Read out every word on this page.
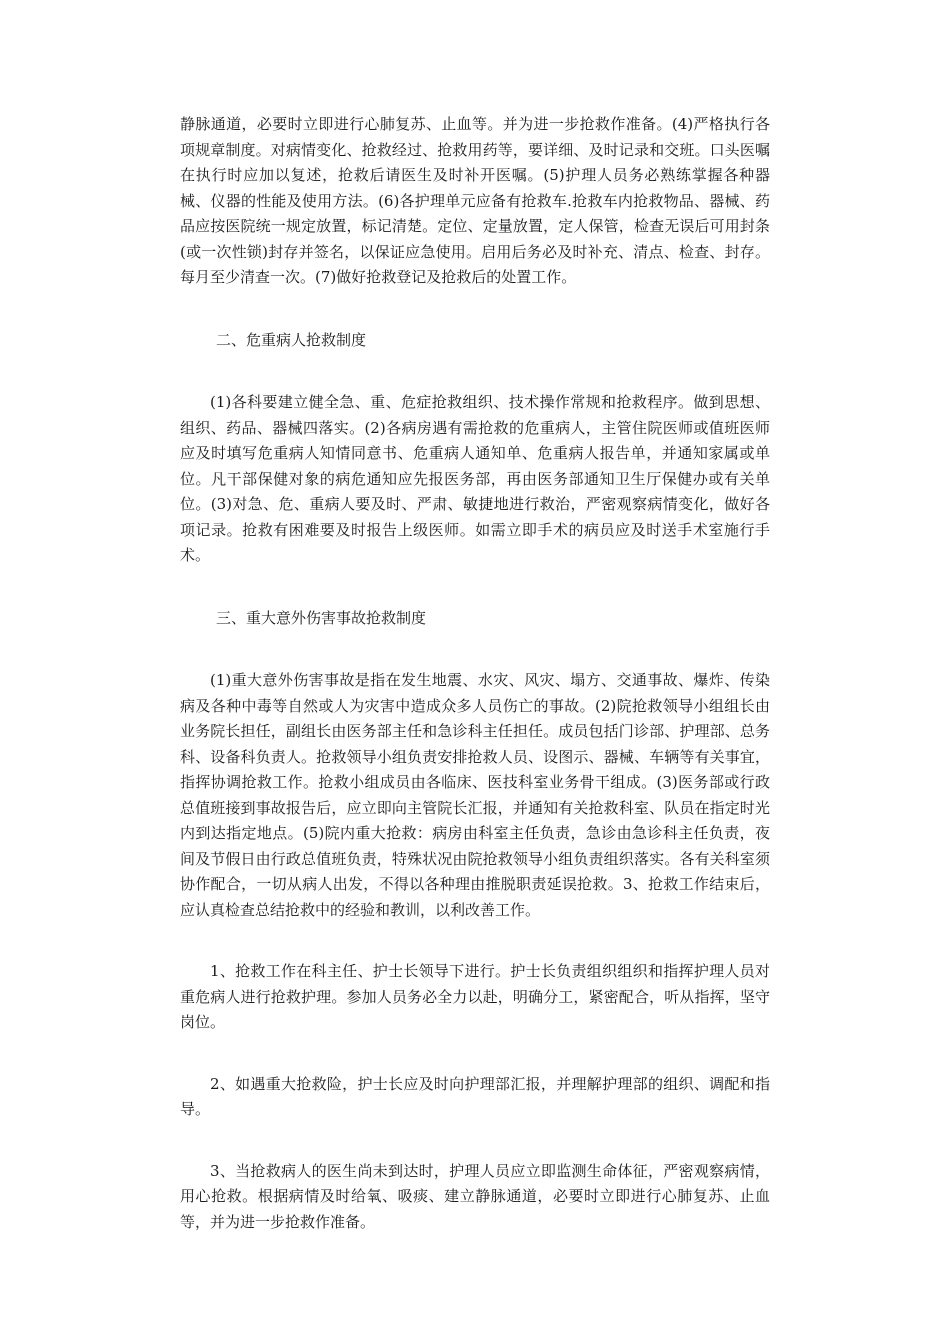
静脉通道，必要时立即进行心肺复苏、止血等。并为进一步抢救作准备。(4)严格执行各项规章制度。对病情变化、抢救经过、抢救用药等，要详细、及时记录和交班。口头医嘱在执行时应加以复述，抢救后请医生及时补开医嘱。(5)护理人员务必熟练掌握各种器械、仪器的性能及使用方法。(6)各护理单元应备有抢救车.抢救车内抢救物品、器械、药品应按医院统一规定放置，标记清楚。定位、定量放置，定人保管，检查无误后可用封条(或一次性锁)封存并签名，以保证应急使用。启用后务必及时补充、清点、检查、封存。每月至少清查一次。(7)做好抢救登记及抢救后的处置工作。

二、危重病人抢救制度

(1)各科要建立健全急、重、危症抢救组织、技术操作常规和抢救程序。做到思想、组织、药品、器械四落实。(2)各病房遇有需抢救的危重病人，主管住院医师或值班医师应及时填写危重病人知情同意书、危重病人通知单、危重病人报告单，并通知家属或单位。凡干部保健对象的病危通知应先报医务部，再由医务部通知卫生厅保健办或有关单位。(3)对急、危、重病人要及时、严肃、敏捷地进行救治，严密观察病情变化，做好各项记录。抢救有困难要及时报告上级医师。如需立即手术的病员应及时送手术室施行手术。

三、重大意外伤害事故抢救制度

(1)重大意外伤害事故是指在发生地震、水灾、风灾、塌方、交通事故、爆炸、传染病及各种中毒等自然或人为灾害中造成众多人员伤亡的事故。(2)院抢救领导小组组长由业务院长担任，副组长由医务部主任和急诊科主任担任。成员包括门诊部、护理部、总务科、设备科负责人。抢救领导小组负责安排抢救人员、设图示、器械、车辆等有关事宜，指挥协调抢救工作。抢救小组成员由各临床、医技科室业务骨干组成。(3)医务部或行政总值班接到事故报告后，应立即向主管院长汇报，并通知有关抢救科室、队员在指定时光内到达指定地点。(5)院内重大抢救：病房由科室主任负责，急诊由急诊科主任负责，夜间及节假日由行政总值班负责，特殊状况由院抢救领导小组负责组织落实。各有关科室须协作配合，一切从病人出发，不得以各种理由推脱职责延误抢救。3、抢救工作结束后，应认真检查总结抢救中的经验和教训，以利改善工作。

1、抢救工作在科主任、护士长领导下进行。护士长负责组织组织和指挥护理人员对重危病人进行抢救护理。参加人员务必全力以赴，明确分工，紧密配合，听从指挥，坚守岗位。

2、如遇重大抢救险，护士长应及时向护理部汇报，并理解护理部的组织、调配和指导。

3、当抢救病人的医生尚未到达时，护理人员应立即监测生命体征，严密观察病情，用心抢救。根据病情及时给氧、吸痰、建立静脉通道，必要时立即进行心肺复苏、止血等，并为进一步抢救作准备。
